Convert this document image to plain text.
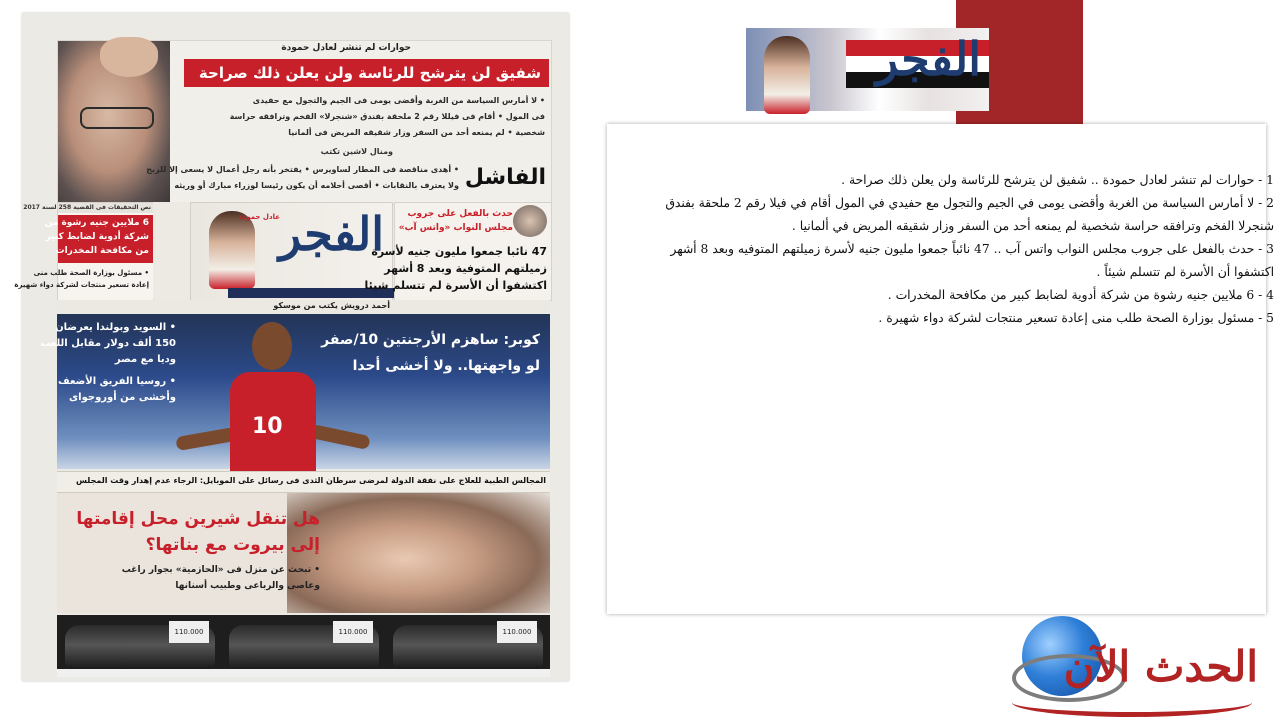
حوارات لم تنشر لعادل حمودة
شفيق لن يترشح للرئاسة ولن يعلن ذلك صراحة
• لا أمارس السياسة من الغربة وأقضى يومى فى الجيم والتجول مع حفيدى
فى المول • أقام فى فيللا رقم 2 ملحقة بفندق «شنجرلا» الفخم وترافقه حراسة
شخصية • لم يمنعه أحد من السفر وزار شقيقه المريض فى ألمانيا
ومنال لاشين تكتب
الفاشل
• أهدى مناقصة فى المطار لساويرس • يفتخر بأنه رجل أعمال لا يسعى إلا للربح
ولا يعترف بالنقابات • أقصى أحلامه أن يكون رئيسا لوزراء مبارك أو وريثه
نص التحقيقات فى القضية 258 لسنة 2017
6 ملايين جنيه رشوة من
شركة أدوية لضابط كبير
من مكافحة المخدرات
• مسئول بوزارة الصحة طلب منى
إعادة تسعير منتجات لشركة دواء شهيرة
عادل حمودة
الفجر	حدث بالفعل على جروب
مجلس النواب «واتس آب»
47 نائبا جمعوا مليون جنيه لأسرة
زميلتهم المتوفية وبعد 8 أشهر
اكتشفوا أن الأسرة لم تتسلم شيئا
أحمد درويش يكتب من موسكو
• السويد وبولندا يعرضان
150 ألف دولار مقابل اللعب
وديا مع مصر
• روسيا الفريق الأضعف
وأخشى من أوروجواى
10
كوبر: ساهزم الأرجنتين 10/صفر
لو واجهتها.. ولا أخشى أحدا
المجالس الطبية للعلاج على نفقة الدولة لمرضى سرطان الثدى فى رسائل على الموبايل: الرجاء عدم إهدار وقت المجلس
هل تنقل شيرين محل إقامتها
إلى بيروت مع بناتها؟
• تبحث عن منزل فى «الحازمية» بجوار راغب
وعاصى والرباعى وطبيب أسنانها
110.000	110.000	110.000
الفجر
1 - حوارات لم تنشر لعادل حمودة .. شفيق لن يترشح للرئاسة ولن يعلن ذلك صراحة .
2 - لا أمارس السياسة من الغربة وأقضى يومى في الجيم والتجول مع حفيدي في المول أقام في فيلا رقم 2 ملحقة بفندق شنجرلا الفخم وترافقه حراسة شخصية لم يمنعه أحد من السفر وزار شقيقه المريض في ألمانيا .
3 - حدث بالفعل على جروب مجلس النواب واتس آب .. 47 نائباً جمعوا مليون جنيه لأسرة زميلتهم المتوفيه وبعد 8 أشهر اكتشفوا أن الأسرة لم تتسلم شيئاً .
4 - 6 ملايين جنيه رشوة من شركة أدوية لضابط كبير من مكافحة المخدرات .
5 - مسئول بوزارة الصحة طلب منى إعادة تسعير منتجات لشركة دواء شهيرة .
الحدث الآن
